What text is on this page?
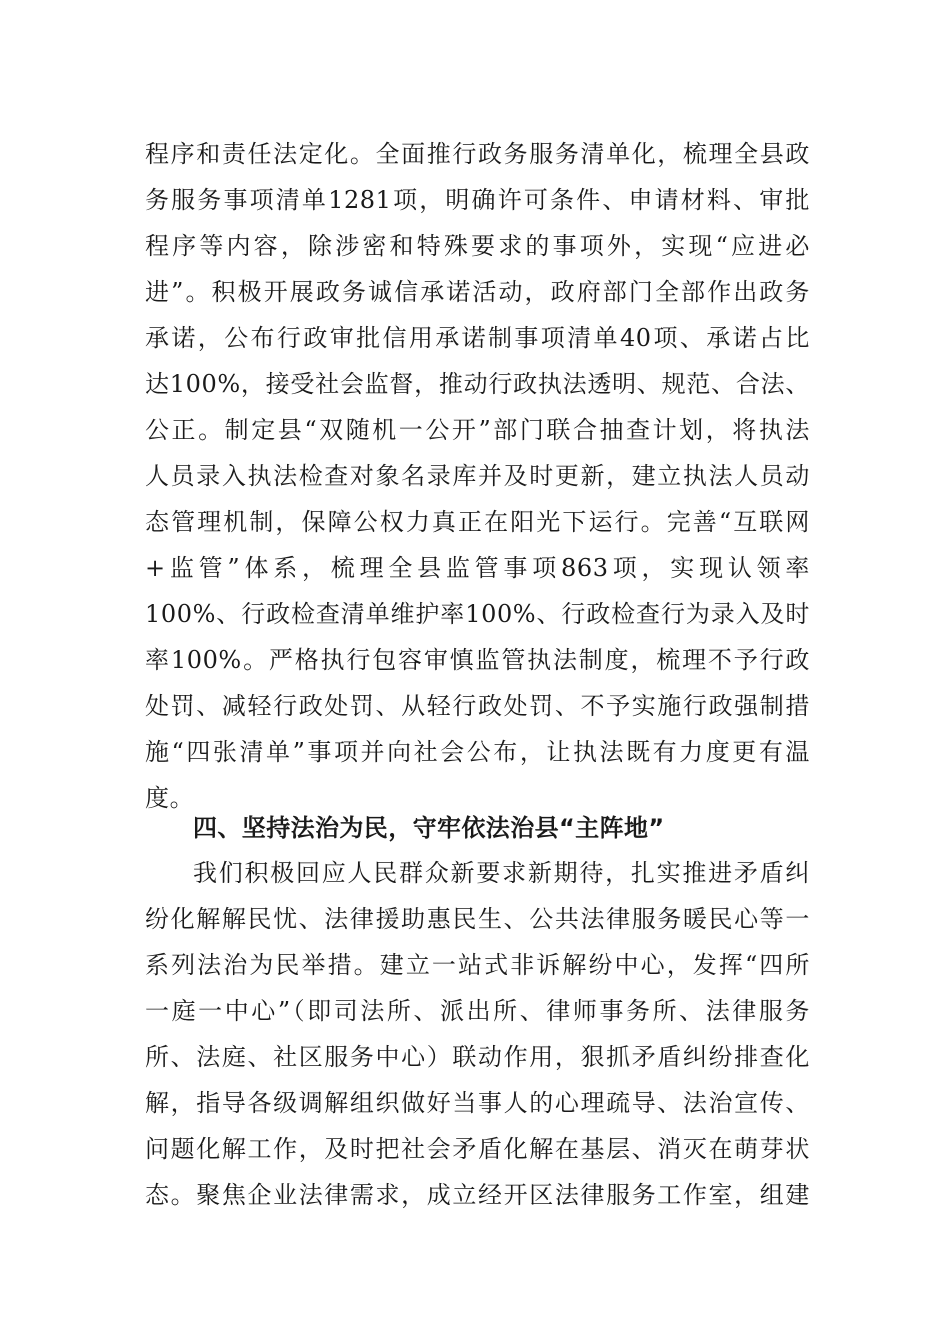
程序和责任法定化。全面推行政务服务清单化，梳理全县政
务服务事项清单1281项，明确许可条件、申请材料、审批
程序等内容，除涉密和特殊要求的事项外，实现“应进必
进”。积极开展政务诚信承诺活动，政府部门全部作出政务
承诺，公布行政审批信用承诺制事项清单40项、承诺占比
达100%，接受社会监督，推动行政执法透明、规范、合法、
公正。制定县“双随机一公开”部门联合抽查计划，将执法
人员录入执法检查对象名录库并及时更新，建立执法人员动
态管理机制，保障公权力真正在阳光下运行。完善“互联网
+监管”体系，梳理全县监管事项863项，实现认领率
100%、行政检查清单维护率100%、行政检查行为录入及时
率100%。严格执行包容审慎监管执法制度，梳理不予行政
处罚、减轻行政处罚、从轻行政处罚、不予实施行政强制措
施“四张清单”事项并向社会公布，让执法既有力度更有温
度。
四、坚持法治为民，守牢依法治县“主阵地”
我们积极回应人民群众新要求新期待，扎实推进矛盾纠
纷化解解民忧、法律援助惠民生、公共法律服务暖民心等一
系列法治为民举措。建立一站式非诉解纷中心，发挥“四所
一庭一中心”（即司法所、派出所、律师事务所、法律服务
所、法庭、社区服务中心）联动作用，狠抓矛盾纠纷排查化
解，指导各级调解组织做好当事人的心理疏导、法治宣传、
问题化解工作，及时把社会矛盾化解在基层、消灭在萌芽状
态。聚焦企业法律需求，成立经开区法律服务工作室，组建
